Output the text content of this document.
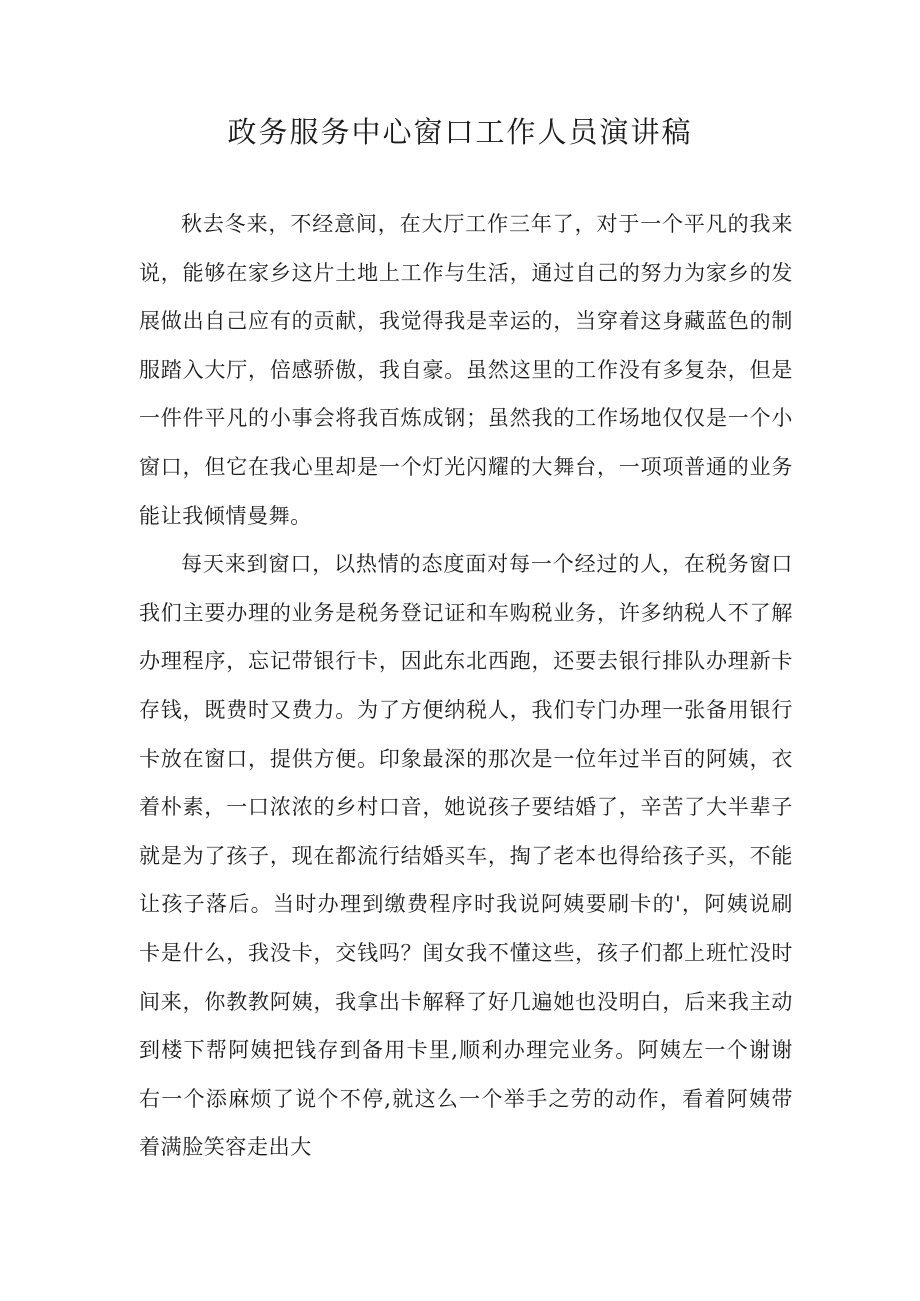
政务服务中心窗口工作人员演讲稿

秋去冬来，不经意间，在大厅工作三年了，对于一个平凡的我来说，能够在家乡这片土地上工作与生活，通过自己的努力为家乡的发展做出自己应有的贡献，我觉得我是幸运的，当穿着这身藏蓝色的制服踏入大厅，倍感骄傲，我自豪。虽然这里的工作没有多复杂，但是一件件平凡的小事会将我百炼成钢；虽然我的工作场地仅仅是一个小窗口，但它在我心里却是一个灯光闪耀的大舞台，一项项普通的业务能让我倾情曼舞。

每天来到窗口，以热情的态度面对每一个经过的人，在税务窗口我们主要办理的业务是税务登记证和车购税业务，许多纳税人不了解办理程序，忘记带银行卡，因此东北西跑，还要去银行排队办理新卡存钱，既费时又费力。为了方便纳税人，我们专门办理一张备用银行卡放在窗口，提供方便。印象最深的那次是一位年过半百的阿姨，衣着朴素，一口浓浓的乡村口音，她说孩子要结婚了，辛苦了大半辈子就是为了孩子，现在都流行结婚买车，掏了老本也得给孩子买，不能让孩子落后。当时办理到缴费程序时我说阿姨要刷卡的'，阿姨说刷卡是什么，我没卡，交钱吗？闺女我不懂这些，孩子们都上班忙没时间来，你教教阿姨，我拿出卡解释了好几遍她也没明白，后来我主动到楼下帮阿姨把钱存到备用卡里,顺利办理完业务。阿姨左一个谢谢右一个添麻烦了说个不停,就这么一个举手之劳的动作，看着阿姨带着满脸笑容走出大
